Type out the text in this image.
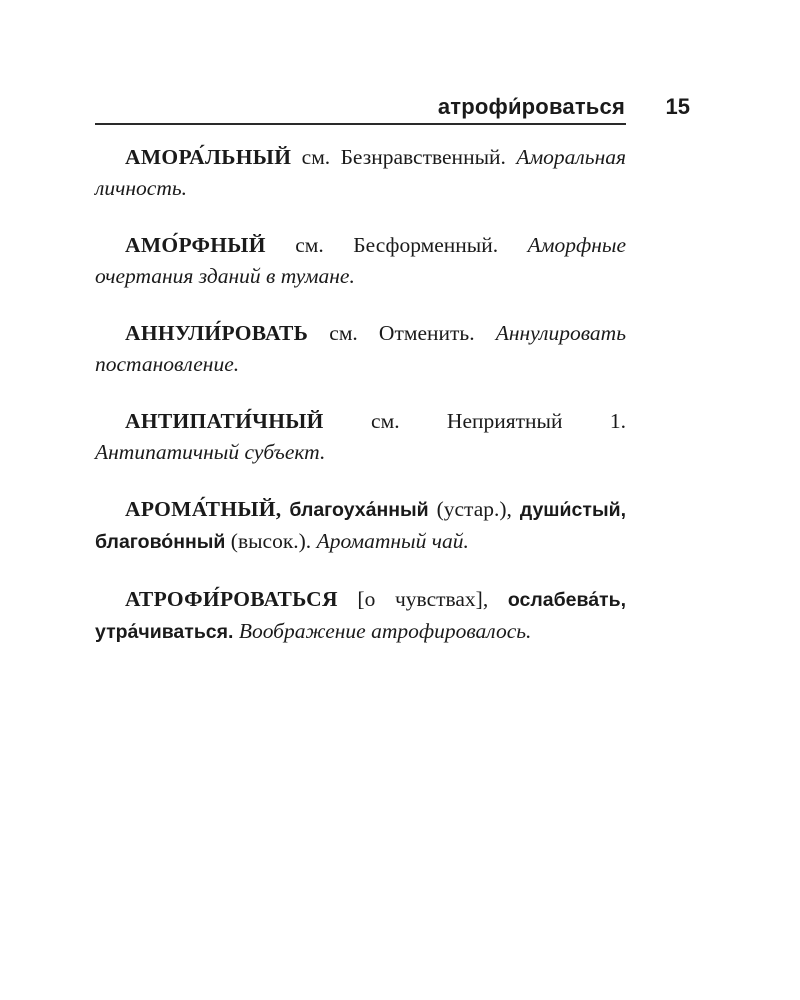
атрофи́роваться 15

АМОРА́ЛЬНЫЙ см. Безнравственный. Аморальная личность.

АМО́РФНЫЙ см. Бесформенный. Аморфные очертания зданий в тумане.

АННУЛИ́РОВАТЬ см. Отменить. Аннулировать постановление.

АНТИПАТИ́ЧНЫЙ см. Неприятный 1. Антипатичный субъект.

АРОМА́ТНЫЙ, благоуха́нный (устар.), души́стый, благово́нный (высок.). Ароматный чай.

АТРОФИ́РОВАТЬСЯ [о чувствах], ослабева́ть, утра́чиваться. Воображение атрофировалось.
